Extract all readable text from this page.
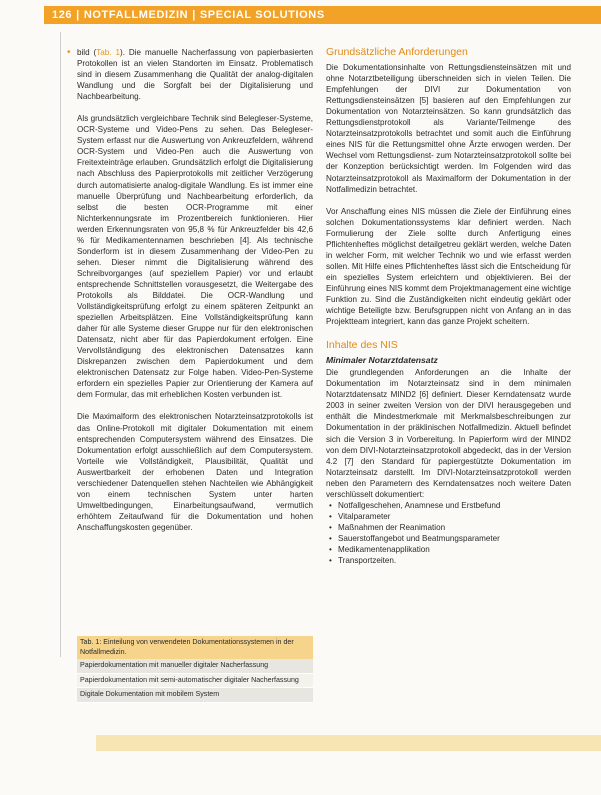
126 | NOTFALLMEDIZIN | SPECIAL SOLUTIONS

• bild (Tab. 1). Die manuelle Nacherfassung von papierbasierten Protokollen ist an vielen Standorten im Einsatz. Problematisch sind in diesem Zusammenhang die Qualität der analog-digitalen Wandlung und die Sorgfalt bei der Digitalisierung und Nachbearbeitung.

Als grundsätzlich vergleichbare Technik sind Belegleser-Systeme, OCR-Systeme und Video-Pens zu sehen. Das Belegleser-System erfasst nur die Auswertung von Ankreuzfeldern, während OCR-System und Video-Pen auch die Auswertung von Freitexteinträge erlauben. Grundsätzlich erfolgt die Digitalisierung nach Abschluss des Papierprotokolls mit zeitlicher Verzögerung durch automatisierte analog-digitale Wandlung. Es ist immer eine manuelle Überprüfung und Nachbearbeitung erforderlich, da selbst die besten OCR-Programme mit einer Nichterkennungsrate im Prozentbereich funktionieren. Hier werden Erkennungsraten von 95,8 % für Ankreuzfelder bis 42,6 % für Medikamentennamen beschrieben [4]. Als technische Sonderform ist in diesem Zusammenhang der Video-Pen zu sehen. Dieser nimmt die Digitalisierung während des Schreibvorganges (auf speziellem Papier) vor und erlaubt entsprechende Schnittstellen vorausgesetzt, die Weitergabe des Protokolls als Bilddatei. Die OCR-Wandlung und Vollständigkeitsprüfung erfolgt zu einem späteren Zeitpunkt an speziellen Arbeitsplätzen. Eine Vollständigkeitsprüfung kann daher für alle Systeme dieser Gruppe nur für den elektronischen Datensatz, nicht aber für das Papierdokument erfolgen. Eine Vervollständigung des elektronischen Datensatzes kann Diskrepanzen zwischen dem Papierdokument und dem elektronischen Datensatz zur Folge haben. Video-Pen-Systeme erfordern ein spezielles Papier zur Orientierung der Kamera auf dem Formular, das mit erheblichen Kosten verbunden ist.

Die Maximalform des elektronischen Notarzteinsatzprotokolls ist das Online-Protokoll mit digitaler Dokumentation mit einem entsprechenden Computersystem während des Einsatzes. Die Dokumentation erfolgt ausschließlich auf dem Computersystem. Vorteile wie Vollständigkeit, Plausibilität, Qualität und Auswertbarkeit der erhobenen Daten und Integration verschiedener Datenquellen stehen Nachteilen wie Abhängigkeit von einem technischen System unter harten Umweltbedingungen, Einarbeitungsaufwand, vermutlich erhöhtem Zeitaufwand für die Dokumentation und hohen Anschaffungskosten gegenüber.

Tab. 1: Einteilung von verwendeten Dokumentationssystemen in der Notfallmedizin.
Papierdokumentation mit manueller digitaler Nacherfassung
Papierdokumentation mit semi-automatischer digitaler Nacherfassung
Digitale Dokumentation mit mobilem System
Grundsätzliche Anforderungen

Die Dokumentationsinhalte von Rettungsdiensteinsätzen mit und ohne Notarztbeteiligung überschneiden sich in vielen Teilen. Die Empfehlungen der DIVI zur Dokumentation von Rettungsdiensteinsätzen [5] basieren auf den Empfehlungen zur Dokumentation von Notarzteinsätzen. So kann grundsätzlich das Rettungsdienstprotokoll als Variante/Teilmenge des Notarzteinsatzprotokolls betrachtet und somit auch die Einführung eines NIS für die Rettungsmittel ohne Ärzte erwogen werden. Der Wechsel vom Rettungsdienst- zum Notarzteinsatzprotokoll sollte bei der Konzeption berücksichtigt werden. Im Folgenden wird das Notarzteinsatzprotokoll als Maximalform der Dokumentation in der Notfallmedizin betrachtet.

Vor Anschaffung eines NIS müssen die Ziele der Einführung eines solchen Dokumentationssystems klar definiert werden. Nach Formulierung der Ziele sollte durch Anfertigung eines Pflichtenheftes möglichst detailgetreu geklärt werden, welche Daten in welcher Form, mit welcher Technik wo und wie erfasst werden sollen. Mit Hilfe eines Pflichtenheftes lässt sich die Entscheidung für ein spezielles System erleichtern und objektivieren. Bei der Einführung eines NIS kommt dem Projektmanagement eine wichtige Funktion zu. Sind die Zuständigkeiten nicht eindeutig geklärt oder wichtige Beteiligte bzw. Berufsgruppen nicht von Anfang an in das Projektteam integriert, kann das ganze Projekt scheitern.

Inhalte des NIS
Minimaler Notarztdatensatz

Die grundlegenden Anforderungen an die Inhalte der Dokumentation im Notarzteinsatz sind in dem minimalen Notarztdatensatz MIND2 [6] definiert. Dieser Kerndatensatz wurde 2003 in seiner zweiten Version von der DIVI herausgegeben und enthält die Mindestmerkmale mit Merkmalsbeschreibungen zur Dokumentation in der präklinischen Notfallmedizin. Aktuell befindet sich die Version 3 in Vorbereitung. In Papierform wird der MIND2 von dem DIVI-Notarzteinsatzprotokoll abgedeckt, das in der Version 4.2 [7] den Standard für papiergestützte Dokumentation im Notarzteinsatz darstellt. Im DIVI-Notarzteinsatzprotokoll werden neben den Parametern des Kerndatensatzes noch weitere Daten verschlüsselt dokumentiert:

• Notfallgeschehen, Anamnese und Erstbefund
• Vitalparameter
• Maßnahmen der Reanimation
• Sauerstoffangebot und Beatmungsparameter
• Medikamentenapplikation
• Transportzeiten.
